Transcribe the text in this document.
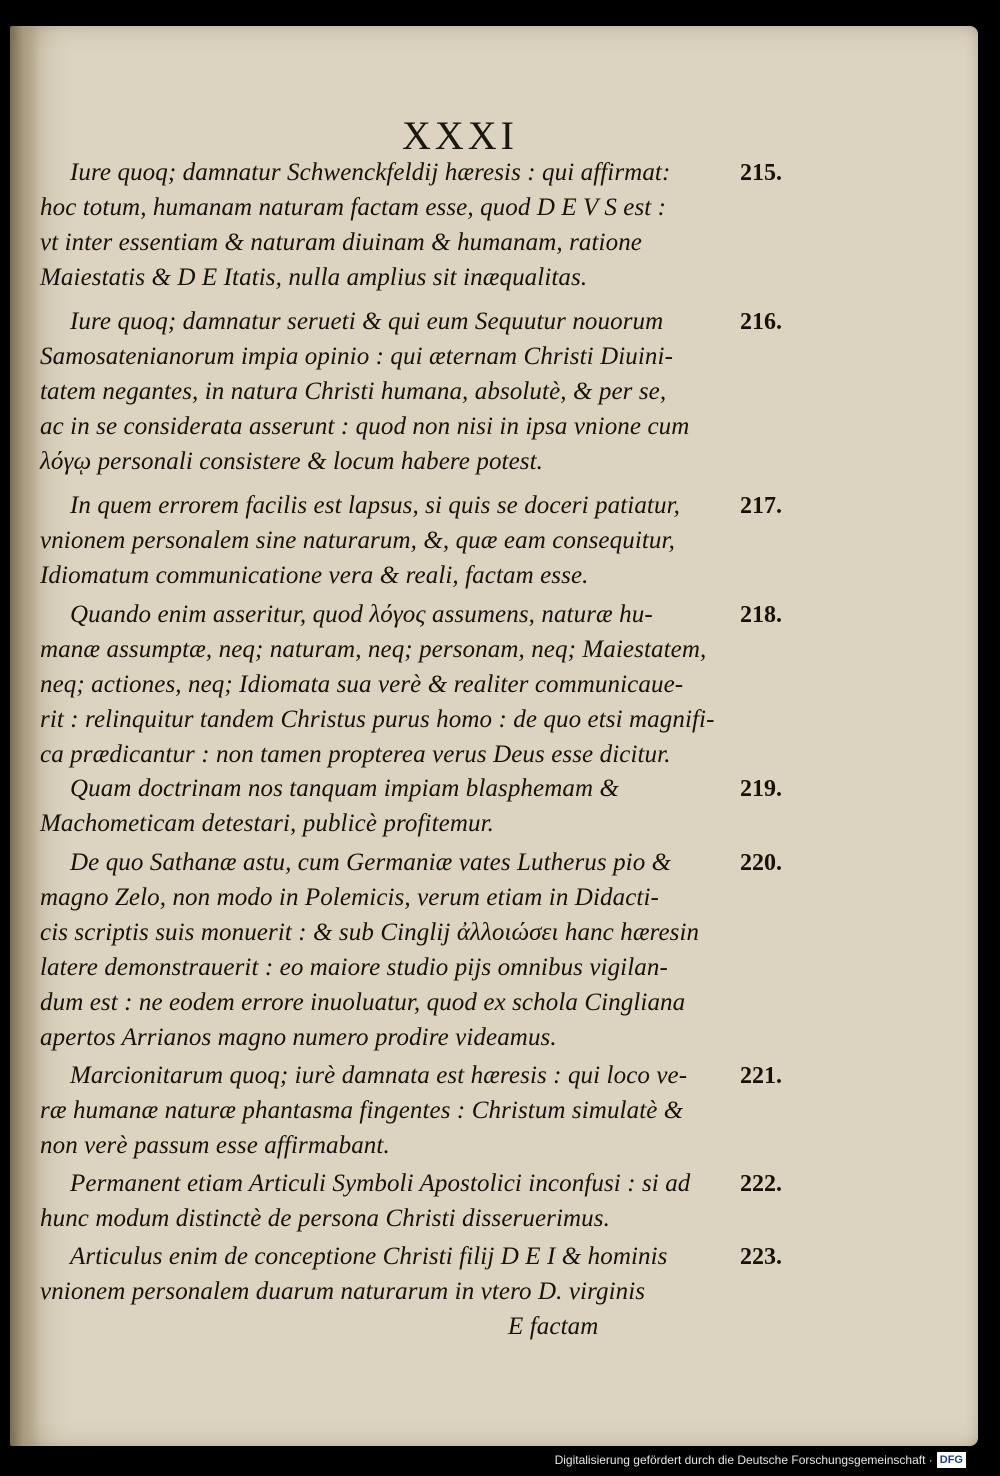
XXXI
Iure quoq; damnatur Schwenckfeldij hæresis : qui affirmat:
hoc totum, humanam naturam factam esse, quod D E V S est :
vt inter essentiam & naturam diuinam & humanam, ratione
Maiestatis & D E Itatis, nulla amplius sit inæqualitas.
Iure quoq; damnatur serueti & qui eum Sequutur nouorum
Samosatenianorum impia opinio : qui æternam Christi Diuini-
tatem negantes, in natura Christi humana, absolutè, & per se,
ac in se considerata asserunt : quod non nisi in ipsa vnione cum
λόγῳ personali consistere & locum habere potest.
In quem errorem facilis est lapsus, si quis se doceri patiatur,
vnionem personalem sine naturarum, &, quæ eam consequitur,
Idiomatum communicatione vera & reali, factam esse.
Quando enim asseritur, quod λόγος assumens, naturæ hu-
manæ assumptæ, neq; naturam, neq; personam, neq; Maiestatem,
neq; actiones, neq; Idiomata sua verè & realiter communicaue-
rit : relinquitur tandem Christus purus homo : de quo etsi magnifi-
ca prædicantur : non tamen propterea verus Deus esse dicitur.
Quam doctrinam nos tanquam impiam blasphemam &
Machometicam detestari, publicè profitemur.
De quo Sathanæ astu, cum Germaniæ vates Lutherus pio &
magno Zelo, non modo in Polemicis, verum etiam in Didacti-
cis scriptis suis monuerit : & sub Cinglij ἀλλοιώσει hanc hæresin
latere demonstrauerit : eo maiore studio pijs omnibus vigilan-
dum est : ne eodem errore inuoluatur, quod ex schola Cingliana
apertos Arrianos magno numero prodire videamus.
Marcionitarum quoq; iurè damnata est hæresis : qui loco ve-
ræ humanæ naturæ phantasma fingentes : Christum simulatè &
non verè passum esse affirmabant.
Permanent etiam Articuli Symboli Apostolici inconfusi : si ad
hunc modum distinctè de persona Christi disseruerimus.
Articulus enim de conceptione Christi filij D E I & hominis
vnionem personalem duarum naturarum in vtero D. virginis
E factam
215.
216.
217.
218.
219.
220.
221.
222.
223.
Digitalisierung gefördert durch die Deutsche Forschungsgemeinschaft · DFG
